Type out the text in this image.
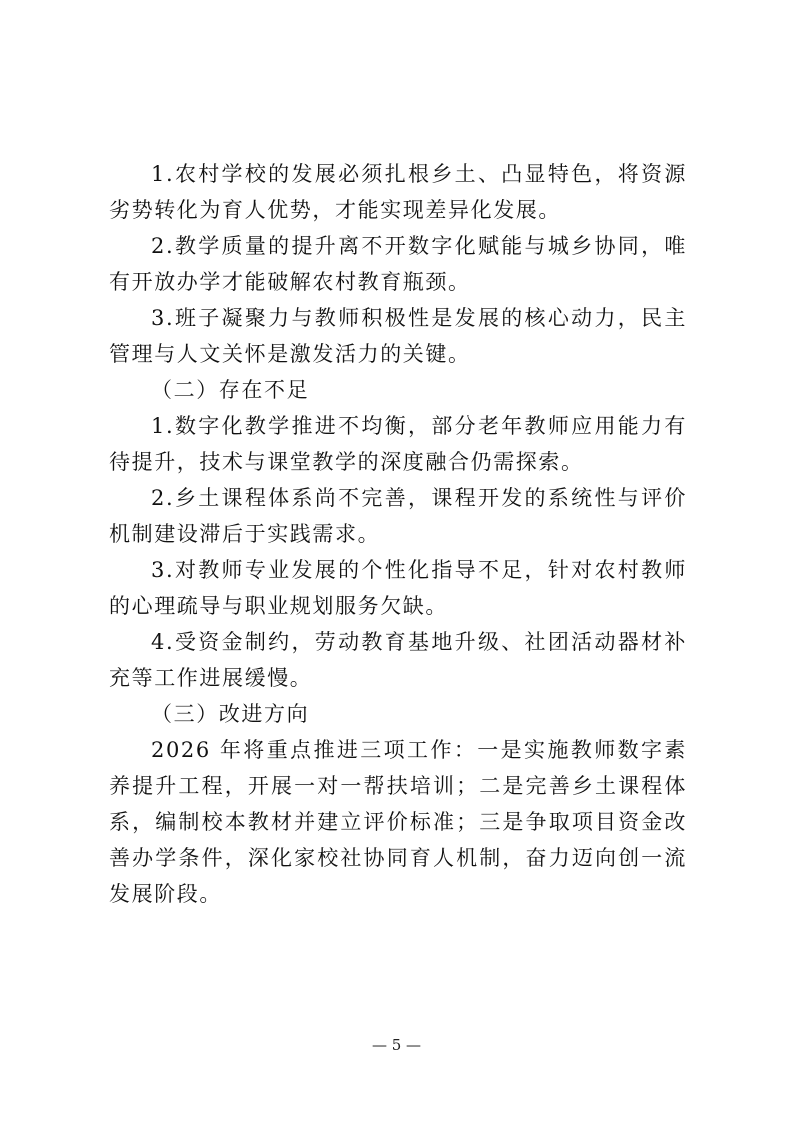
1.农村学校的发展必须扎根乡土、凸显特色，将资源劣势转化为育人优势，才能实现差异化发展。

2.教学质量的提升离不开数字化赋能与城乡协同，唯有开放办学才能破解农村教育瓶颈。

3.班子凝聚力与教师积极性是发展的核心动力，民主管理与人文关怀是激发活力的关键。

（二）存在不足

1.数字化教学推进不均衡，部分老年教师应用能力有待提升，技术与课堂教学的深度融合仍需探索。

2.乡土课程体系尚不完善，课程开发的系统性与评价机制建设滞后于实践需求。

3.对教师专业发展的个性化指导不足，针对农村教师的心理疏导与职业规划服务欠缺。

4.受资金制约，劳动教育基地升级、社团活动器材补充等工作进展缓慢。

（三）改进方向

2026 年将重点推进三项工作：一是实施教师数字素养提升工程，开展一对一帮扶培训；二是完善乡土课程体系，编制校本教材并建立评价标准；三是争取项目资金改善办学条件，深化家校社协同育人机制，奋力迈向创一流发展阶段。

— 5 —
